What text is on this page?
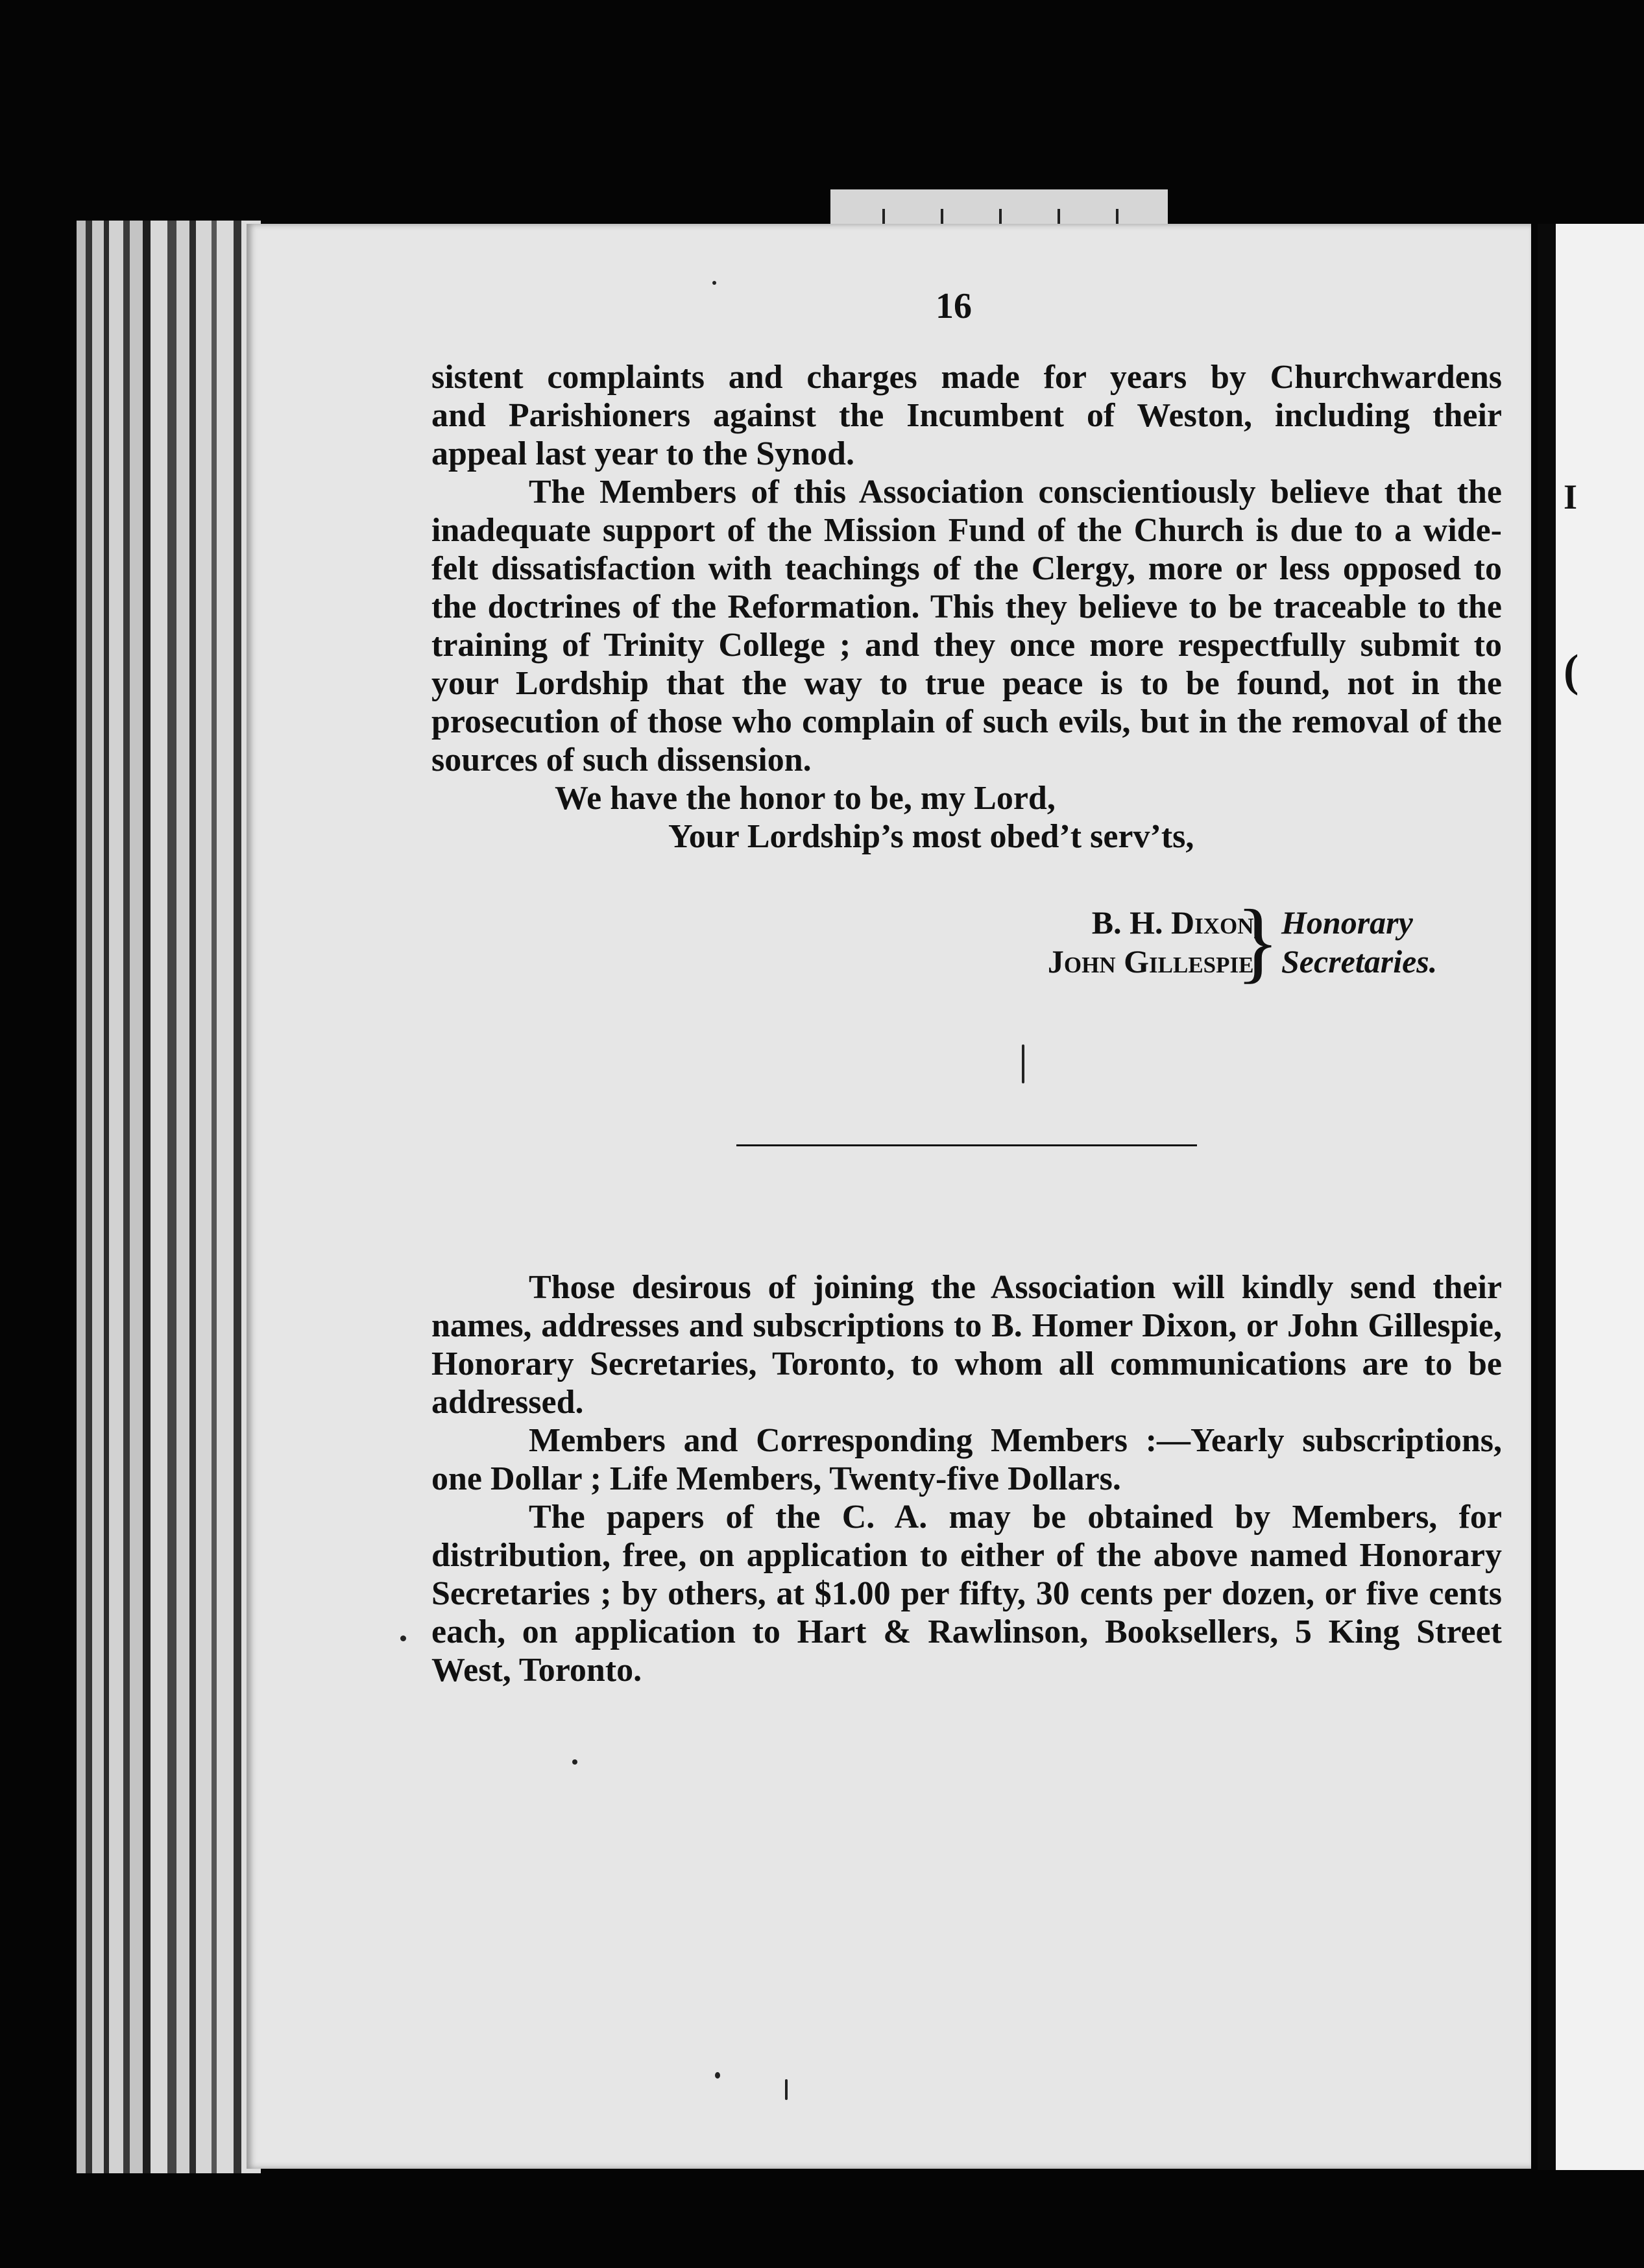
I
(
16
sistent complaints and charges made for years by Churchwardens
and Parishioners against the Incumbent of Weston, including their
appeal last year to the Synod.
The Members of this Association conscientiously believe that the inadequate support of the Mission Fund of the Church is due to a wide-felt dissatisfaction with teachings of the Clergy, more or less opposed to the doctrines of the Reformation. This they believe to be traceable to the training of Trinity College ; and they once more respectfully submit to your Lordship that the way to true peace is to be found, not in the prosecution of those who complain of such evils, but in the removal of the sources of such dissension.
We have the honor to be, my Lord,
Your Lordship’s most obed’t serv’ts,
B. H. Dixon,
John Gillespie,
} Honorary
Secretaries.
Those desirous of joining the Association will kindly send their names, addresses and subscriptions to B. Homer Dixon, or John Gillespie, Honorary Secretaries, Toronto, to whom all communications are to be addressed.
Members and Corresponding Members :—Yearly subscriptions, one Dollar ; Life Members, Twenty-five Dollars.
The papers of the C. A. may be obtained by Members, for distribution, free, on application to either of the above named Honorary Secretaries ; by others, at $1.00 per fifty, 30 cents per dozen, or five cents each, on application to Hart & Rawlinson, Booksellers, 5 King Street West, Toronto.
